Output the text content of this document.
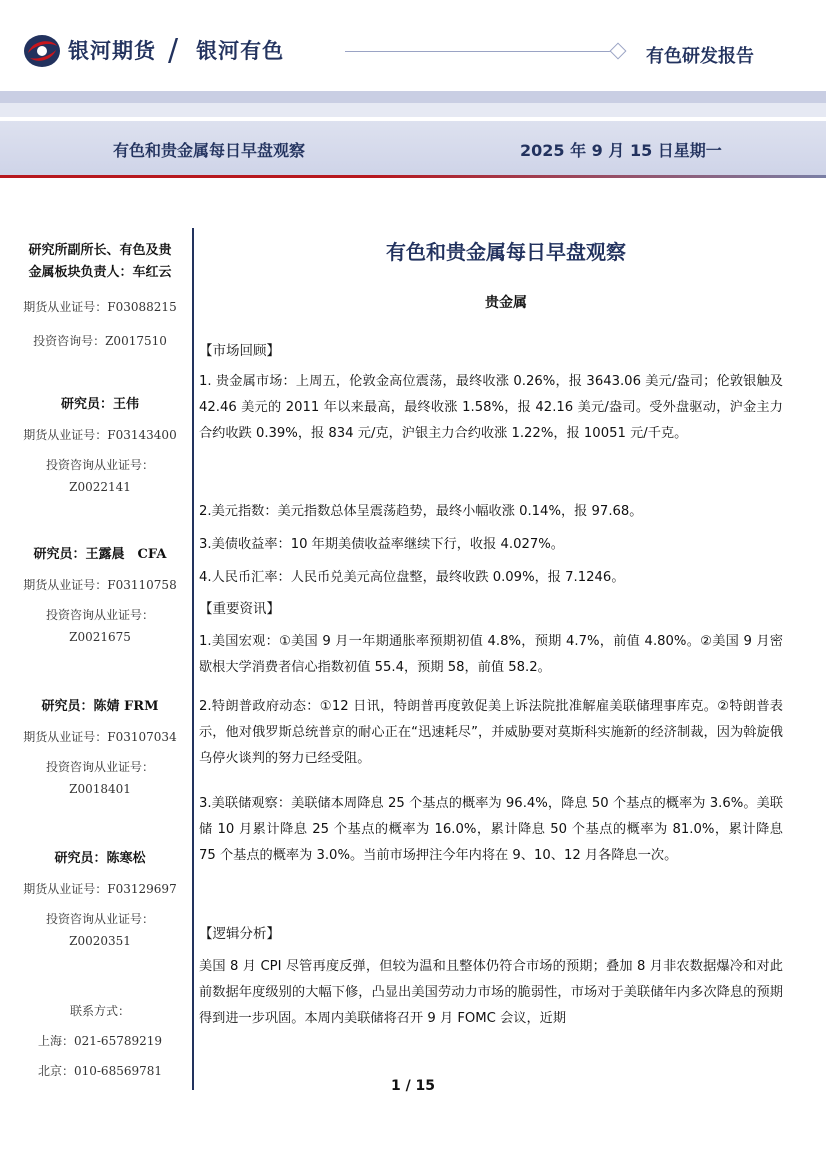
银河期货 / 银河有色	有色研发报告
有色和贵金属每日早盘观察	2025 年 9 月 15 日星期一
研究所副所长、有色及贵
金属板块负责人：车红云
期货从业证号：F03088215
投资咨询号：Z0017510
研究员：王伟
期货从业证号：F03143400
投资咨询从业证号：
Z0022141
研究员：王露晨　CFA
期货从业证号：F03110758
投资咨询从业证号：
Z0021675
研究员：陈婧 FRM
期货从业证号：F03107034
投资咨询从业证号：
Z0018401
研究员：陈寒松
期货从业证号：F03129697
投资咨询从业证号：
Z0020351
联系方式：
上海：021-65789219
北京：010-68569781
有色和贵金属每日早盘观察
贵金属
【市场回顾】
1. 贵金属市场：上周五，伦敦金高位震荡，最终收涨 0.26%，报 3643.06 美元/盎司；伦敦银触及 42.46 美元的 2011 年以来最高，最终收涨 1.58%，报 42.16 美元/盎司。受外盘驱动，沪金主力合约收跌 0.39%，报 834 元/克，沪银主力合约收涨 1.22%，报 10051 元/千克。
2.美元指数：美元指数总体呈震荡趋势，最终小幅收涨 0.14%，报 97.68。
3.美债收益率：10 年期美债收益率继续下行，收报 4.027%。
4.人民币汇率：人民币兑美元高位盘整，最终收跌 0.09%，报 7.1246。
【重要资讯】
1.美国宏观：①美国 9 月一年期通胀率预期初值 4.8%，预期 4.7%，前值 4.80%。②美国 9 月密歇根大学消费者信心指数初值 55.4，预期 58，前值 58.2。
2.特朗普政府动态：①12 日讯，特朗普再度敦促美上诉法院批准解雇美联储理事库克。②特朗普表示，他对俄罗斯总统普京的耐心正在“迅速耗尽”，并威胁要对莫斯科实施新的经济制裁，因为斡旋俄乌停火谈判的努力已经受阻。
3.美联储观察：美联储本周降息 25 个基点的概率为 96.4%，降息 50 个基点的概率为 3.6%。美联储 10 月累计降息 25 个基点的概率为 16.0%，累计降息 50 个基点的概率为 81.0%，累计降息 75 个基点的概率为 3.0%。当前市场押注今年内将在 9、10、12 月各降息一次。
【逻辑分析】
美国 8 月 CPI 尽管再度反弹，但较为温和且整体仍符合市场的预期；叠加 8 月非农数据爆冷和对此前数据年度级别的大幅下修，凸显出美国劳动力市场的脆弱性，市场对于美联储年内多次降息的预期得到进一步巩固。本周内美联储将召开 9 月 FOMC 会议，近期
1 / 15
